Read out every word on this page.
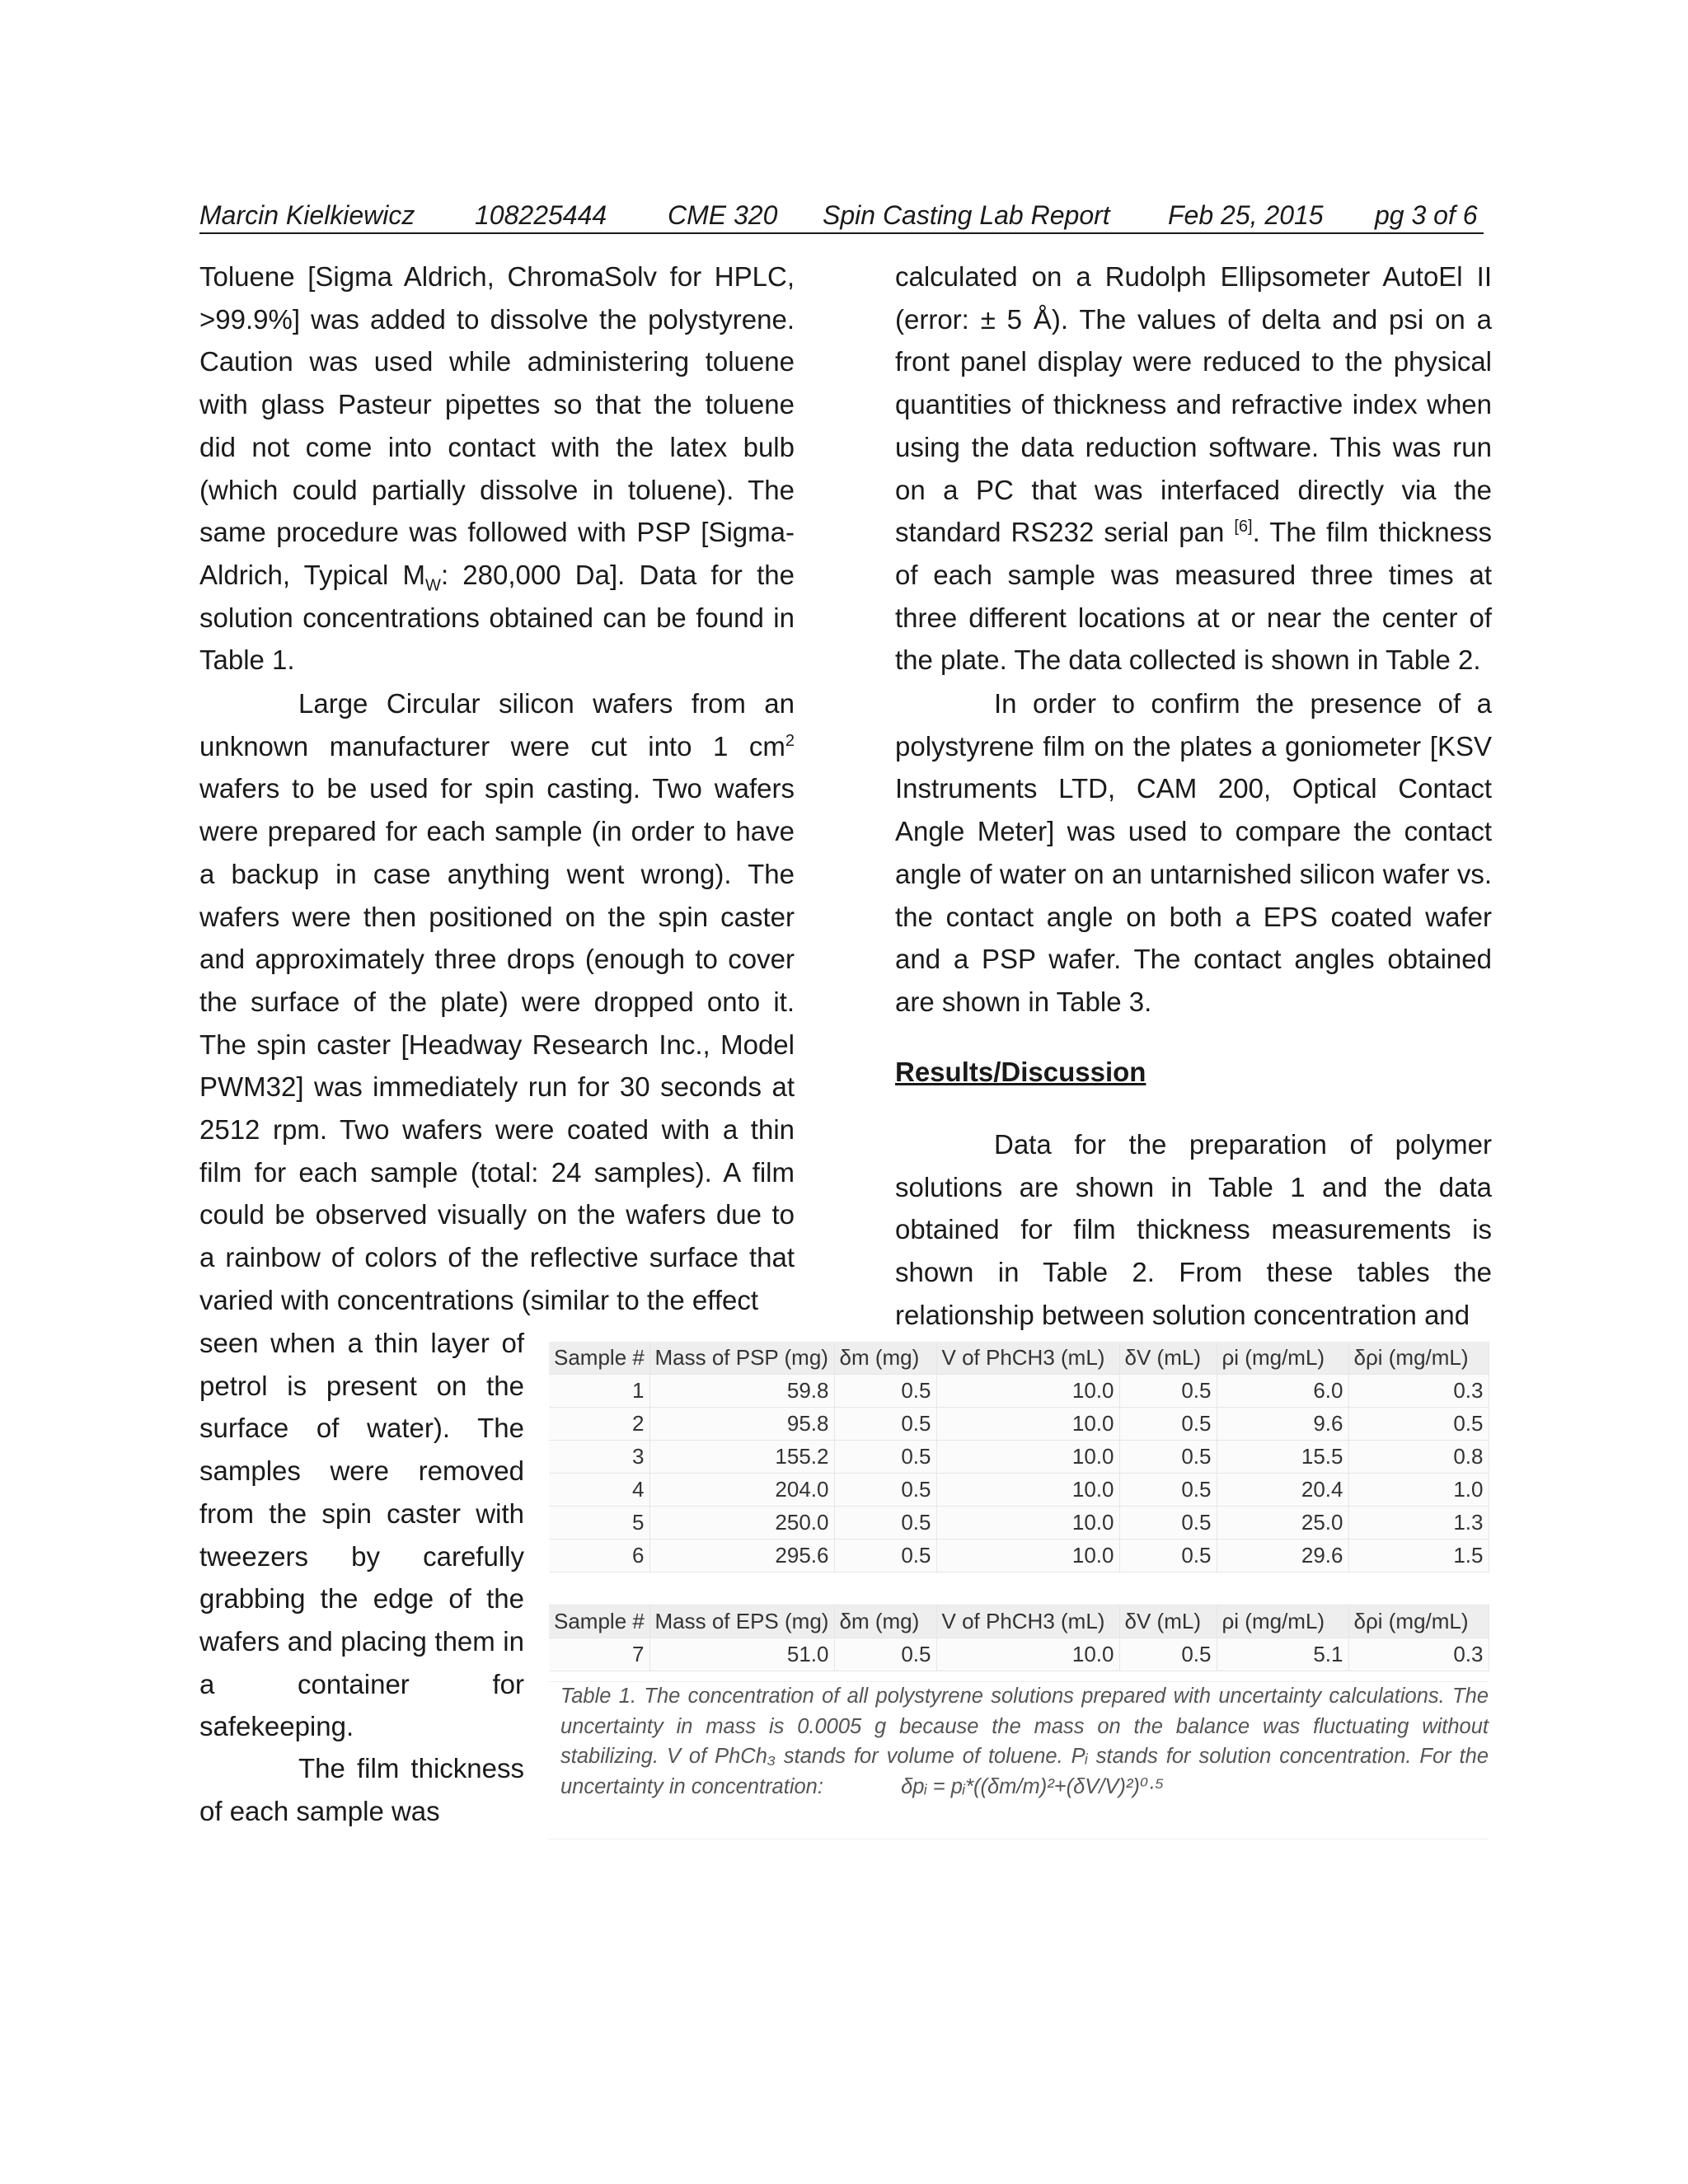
Marcin Kielkiewicz 108225444 CME 320 Spin Casting Lab Report Feb 25, 2015 pg 3 of 6

Toluene [Sigma Aldrich, ChromaSolv for HPLC, >99.9%] was added to dissolve the polystyrene. Caution was used while administering toluene with glass Pasteur pipettes so that the toluene did not come into contact with the latex bulb (which could partially dissolve in toluene). The same procedure was followed with PSP [Sigma-Aldrich, Typical $M_W$: 280,000 Da]. Data for the solution concentrations obtained can be found in Table 1.

Large Circular silicon wafers from an unknown manufacturer were cut into 1 $cm^2$ wafers to be used for spin casting. Two wafers were prepared for each sample (in order to have a backup in case anything went wrong). The wafers were then positioned on the spin caster and approximately three drops (enough to cover the surface of the plate) were dropped onto it. The spin caster [Headway Research Inc., Model PWM32] was immediately run for 30 seconds at 2512 rpm. Two wafers were coated with a thin film for each sample (total: 24 samples). A film could be observed visually on the wafers due to a rainbow of colors of the reflective surface that varied with concentrations (similar to the effect

seen when a thin layer of petrol is present on the surface of water). The samples were removed from the spin caster with tweezers by carefully grabbing the edge of the wafers and placing them in a container for safekeeping.

The film thickness of each sample was

calculated on a Rudolph Ellipsometer AutoEl II (error: ± 5 Å). The values of delta and psi on a front panel display were reduced to the physical quantities of thickness and refractive index when using the data reduction software. This was run on a PC that was interfaced directly via the standard RS232 serial pan [6]. The film thickness of each sample was measured three times at three different locations at or near the center of the plate. The data collected is shown in Table 2.

In order to confirm the presence of a polystyrene film on the plates a goniometer [KSV Instruments LTD, CAM 200, Optical Contact Angle Meter] was used to compare the contact angle of water on an untarnished silicon wafer vs. the contact angle on both a EPS coated wafer and a PSP wafer. The contact angles obtained are shown in Table 3.

Results/Discussion

Data for the preparation of polymer solutions are shown in Table 1 and the data obtained for film thickness measurements is shown in Table 2. From these tables the relationship between solution concentration and

Sample #	Mass of PSP (mg)	δm (mg)	V of PhCH3 (mL)	δV (mL)	ρi (mg/mL)	δρi (mg/mL)
1	59.8	0.5	10.0	0.5	6.0	0.3
2	95.8	0.5	10.0	0.5	9.6	0.5
3	155.2	0.5	10.0	0.5	15.5	0.8
4	204.0	0.5	10.0	0.5	20.4	1.0
5	250.0	0.5	10.0	0.5	25.0	1.3
6	295.6	0.5	10.0	0.5	29.6	1.5

Sample #	Mass of EPS (mg)	δm (mg)	V of PhCH3 (mL)	δV (mL)	ρi (mg/mL)	δρi (mg/mL)
7	51.0	0.5	10.0	0.5	5.1	0.3
Table 1. The concentration of all polystyrene solutions prepared with uncertainty calculations. The uncertainty in mass is 0.0005 g because the mass on the balance was fluctuating without stabilizing. V of PhCh₃ stands for volume of toluene. Pᵢ stands for solution concentration. For the uncertainty in concentration:	δpᵢ = pᵢ*((δm/m)²+(δV/V)²)⁰·⁵
